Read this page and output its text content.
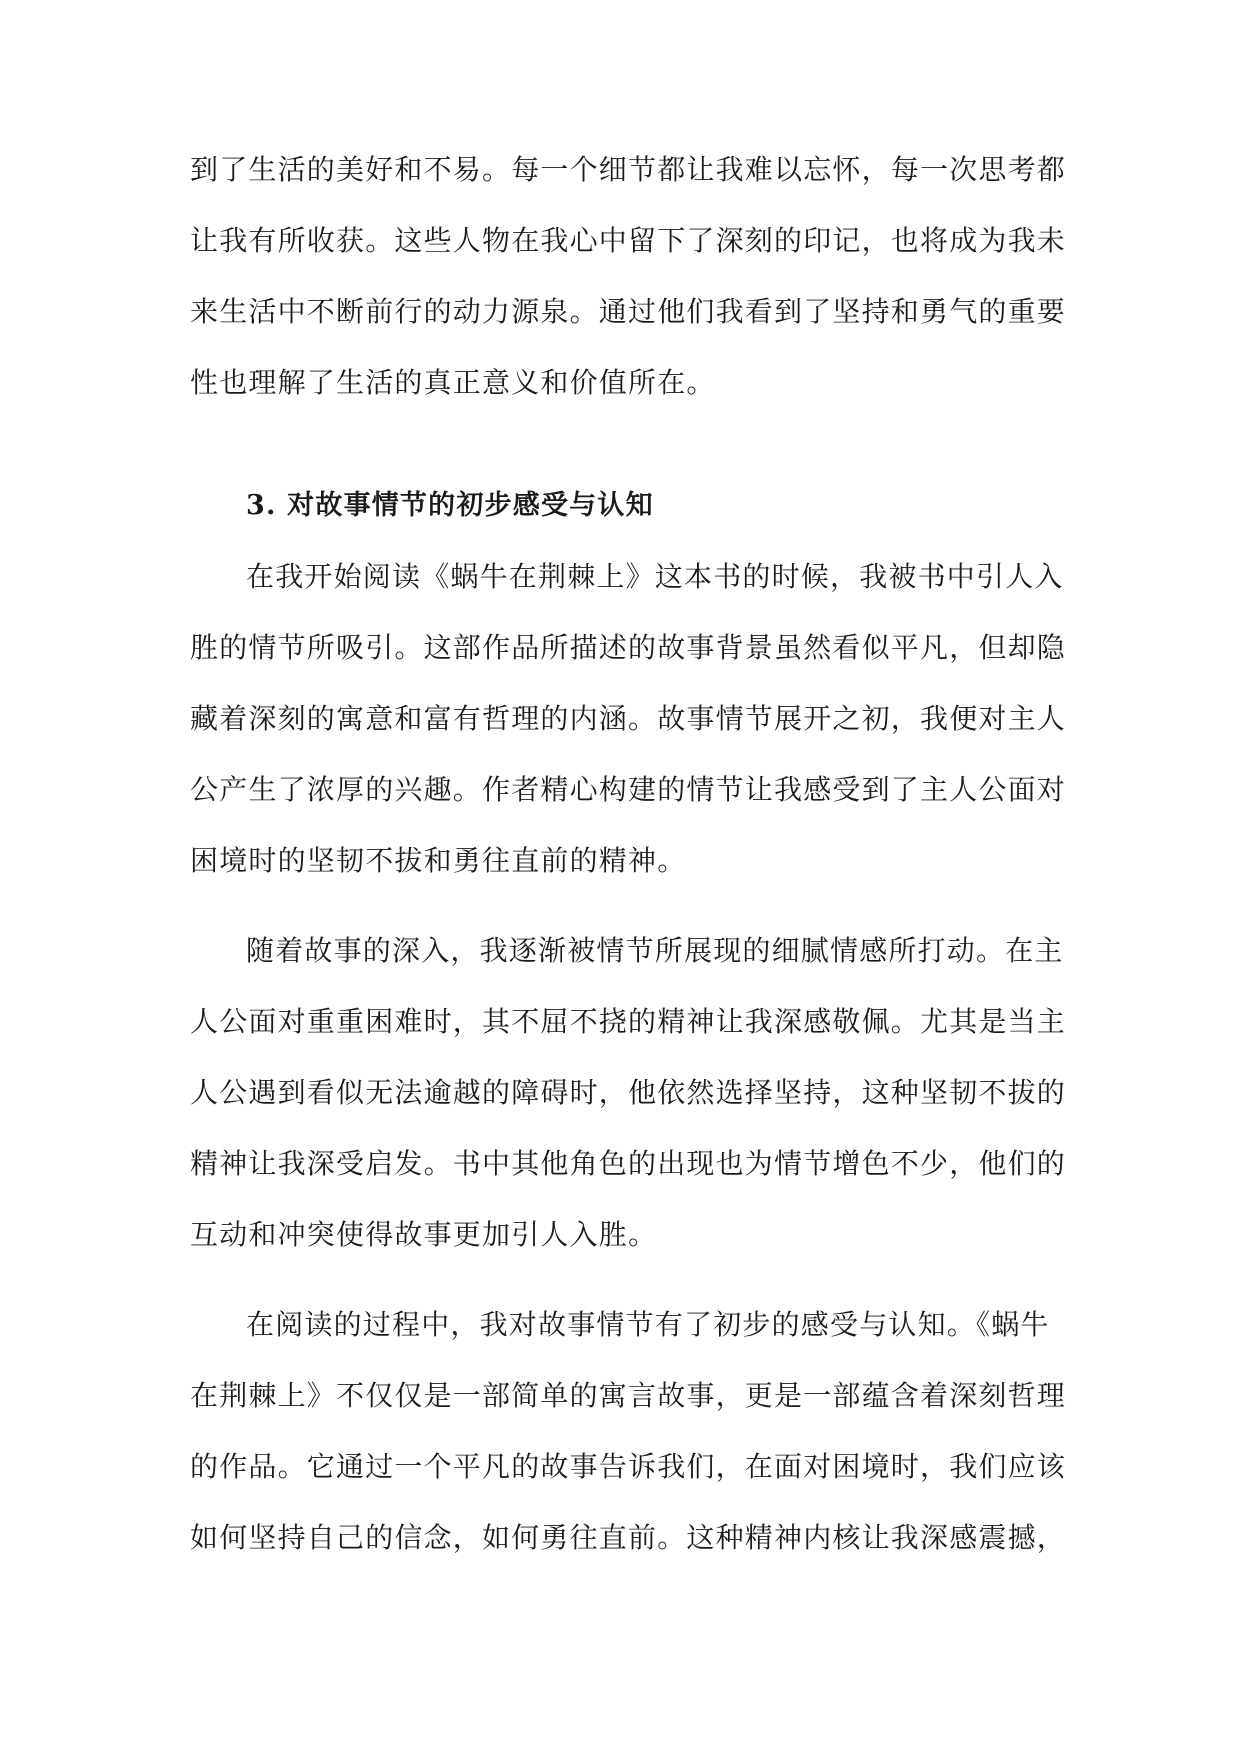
到了生活的美好和不易。每一个细节都让我难以忘怀，每一次思考都
让我有所收获。这些人物在我心中留下了深刻的印记，也将成为我未
来生活中不断前行的动力源泉。通过他们我看到了坚持和勇气的重要
性也理解了生活的真正意义和价值所在。
3. 对故事情节的初步感受与认知
在我开始阅读《蜗牛在荆棘上》这本书的时候，我被书中引人入
胜的情节所吸引。这部作品所描述的故事背景虽然看似平凡，但却隐
藏着深刻的寓意和富有哲理的内涵。故事情节展开之初，我便对主人
公产生了浓厚的兴趣。作者精心构建的情节让我感受到了主人公面对
困境时的坚韧不拔和勇往直前的精神。
随着故事的深入，我逐渐被情节所展现的细腻情感所打动。在主
人公面对重重困难时，其不屈不挠的精神让我深感敬佩。尤其是当主
人公遇到看似无法逾越的障碍时，他依然选择坚持，这种坚韧不拔的
精神让我深受启发。书中其他角色的出现也为情节增色不少，他们的
互动和冲突使得故事更加引人入胜。
在阅读的过程中，我对故事情节有了初步的感受与认知。《蜗牛
在荆棘上》不仅仅是一部简单的寓言故事，更是一部蕴含着深刻哲理
的作品。它通过一个平凡的故事告诉我们，在面对困境时，我们应该
如何坚持自己的信念，如何勇往直前。这种精神内核让我深感震撼，
